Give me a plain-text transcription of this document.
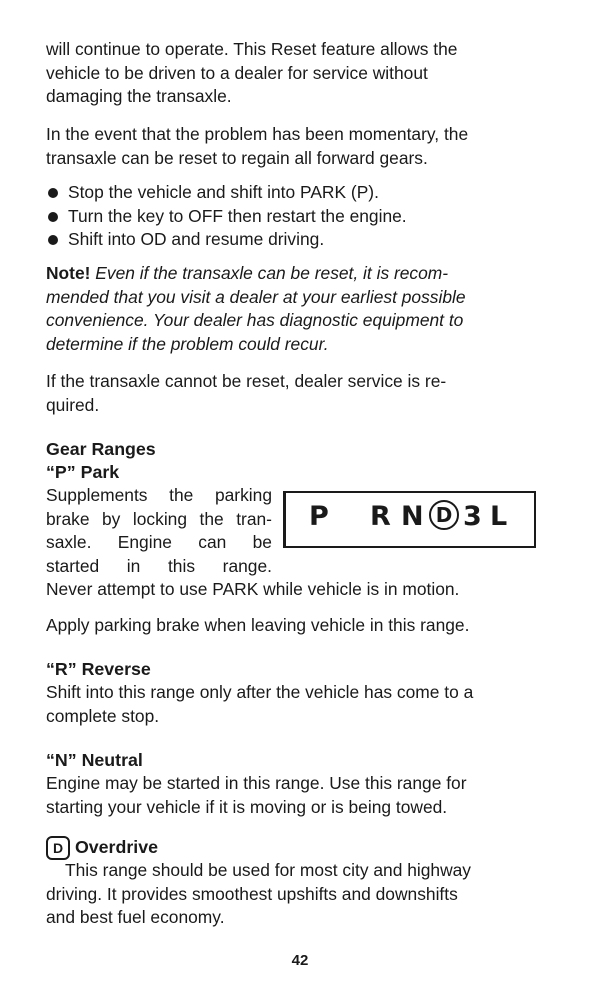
will continue to operate. This Reset feature allows the
vehicle to be driven to a dealer for service without
damaging the transaxle.
In the event that the problem has been momentary, the
transaxle can be reset to regain all forward gears.
Stop the vehicle and shift into PARK (P).
Turn the key to OFF then restart the engine.
Shift into OD and resume driving.
Note! Even if the transaxle can be reset, it is recom-
mended that you visit a dealer at your earliest possible
convenience. Your dealer has diagnostic equipment to
determine if the problem could recur.
If the transaxle cannot be reset, dealer service is re-
quired.
Gear Ranges
“P” Park
Supplements the parking
brake by locking the tran-
saxle. Engine can be
started in this range.
P R N D 3 L
Never attempt to use PARK while vehicle is in motion.
Apply parking brake when leaving vehicle in this range.
“R” Reverse
Shift into this range only after the vehicle has come to a
complete stop.
“N” Neutral
Engine may be started in this range. Use this range for
starting your vehicle if it is moving or is being towed.
D Overdrive
This range should be used for most city and highway
driving. It provides smoothest upshifts and downshifts
and best fuel economy.
42
